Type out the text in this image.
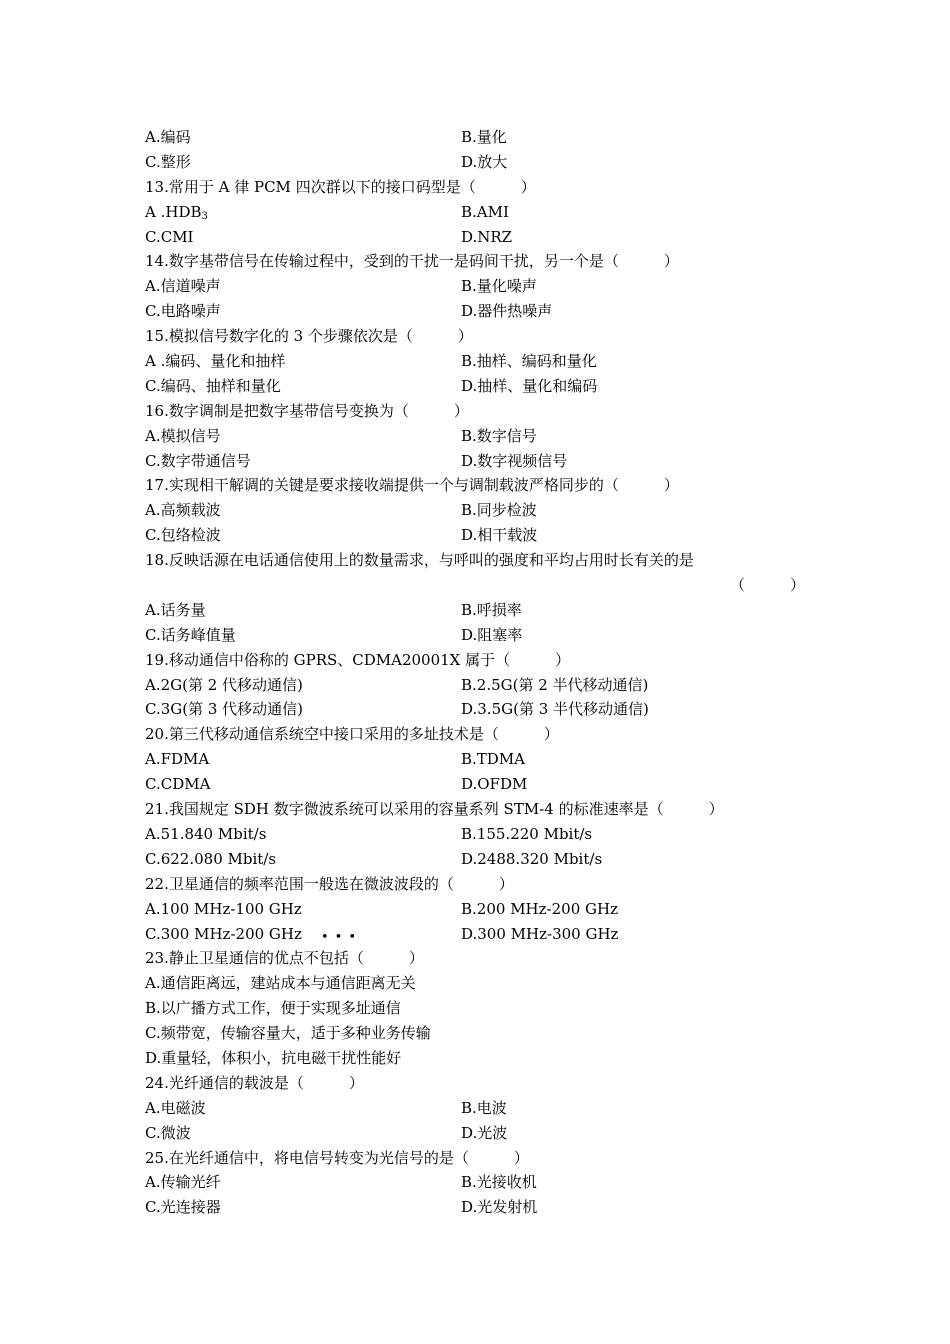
A.编码	B.量化
C.整形	D.放大
13.常用于 A 律 PCM 四次群以下的接口码型是（　　　）
A $.HDB_3$	B.AMI
C.CMI	D.NRZ
14.数字基带信号在传输过程中，受到的干扰一是码间干扰，另一个是（　　　）
A.信道噪声	B.量化噪声
C.电路噪声	D.器件热噪声
15.模拟信号数字化的 3 个步骤依次是（　　　）
A .编码、量化和抽样	B.抽样、编码和量化
C.编码、抽样和量化	D.抽样、量化和编码
16.数字调制是把数字基带信号变换为（　　　）
A.模拟信号	B.数字信号
C.数字带通信号	D.数字视频信号
17.实现相干解调的关键是要求接收端提供一个与调制载波严格同步的（　　　）
A.高频载波	B.同步检波
C.包络检波	D.相干载波
18.反映话源在电话通信使用上的数量需求，与呼叫的强度和平均占用时长有关的是
（　　　）
A.话务量	B.呼损率
C.话务峰值量	D.阻塞率
19.移动通信中俗称的 GPRS、CDMA20001X 属于（　　　）
A.2G(第 2 代移动通信)	B.2.5G(第 2 半代移动通信)
C.3G(第 3 代移动通信)	D.3.5G(第 3 半代移动通信)
20.第三代移动通信系统空中接口采用的多址技术是（　　　）
A.FDMA	B.TDMA
C.CDMA	D.OFDM
21.我国规定 SDH 数字微波系统可以采用的容量系列 STM-4 的标准速率是（　　　）
A.51.840 Mbit/s	B.155.220 Mbit/s
C.622.080 Mbit/s	D.2488.320 Mbit/s
22.卫星通信的频率范围一般选在微波波段的（　　　）
A.100 MHz-100 GHz	B.200 MHz-200 GHz
C.300 MHz-200 GHz	D.300 MHz-300 GHz
•••
23.静止卫星通信的优点不包括（　　　）
A.通信距离远，建站成本与通信距离无关
B.以广播方式工作，便于实现多址通信
C.频带宽，传输容量大，适于多种业务传输
D.重量轻，体积小，抗电磁干扰性能好
24.光纤通信的载波是（　　　）
A.电磁波	B.电波
C.微波	D.光波
25.在光纤通信中，将电信号转变为光信号的是（　　　）
A.传输光纤	B.光接收机
C.光连接器	D.光发射机
